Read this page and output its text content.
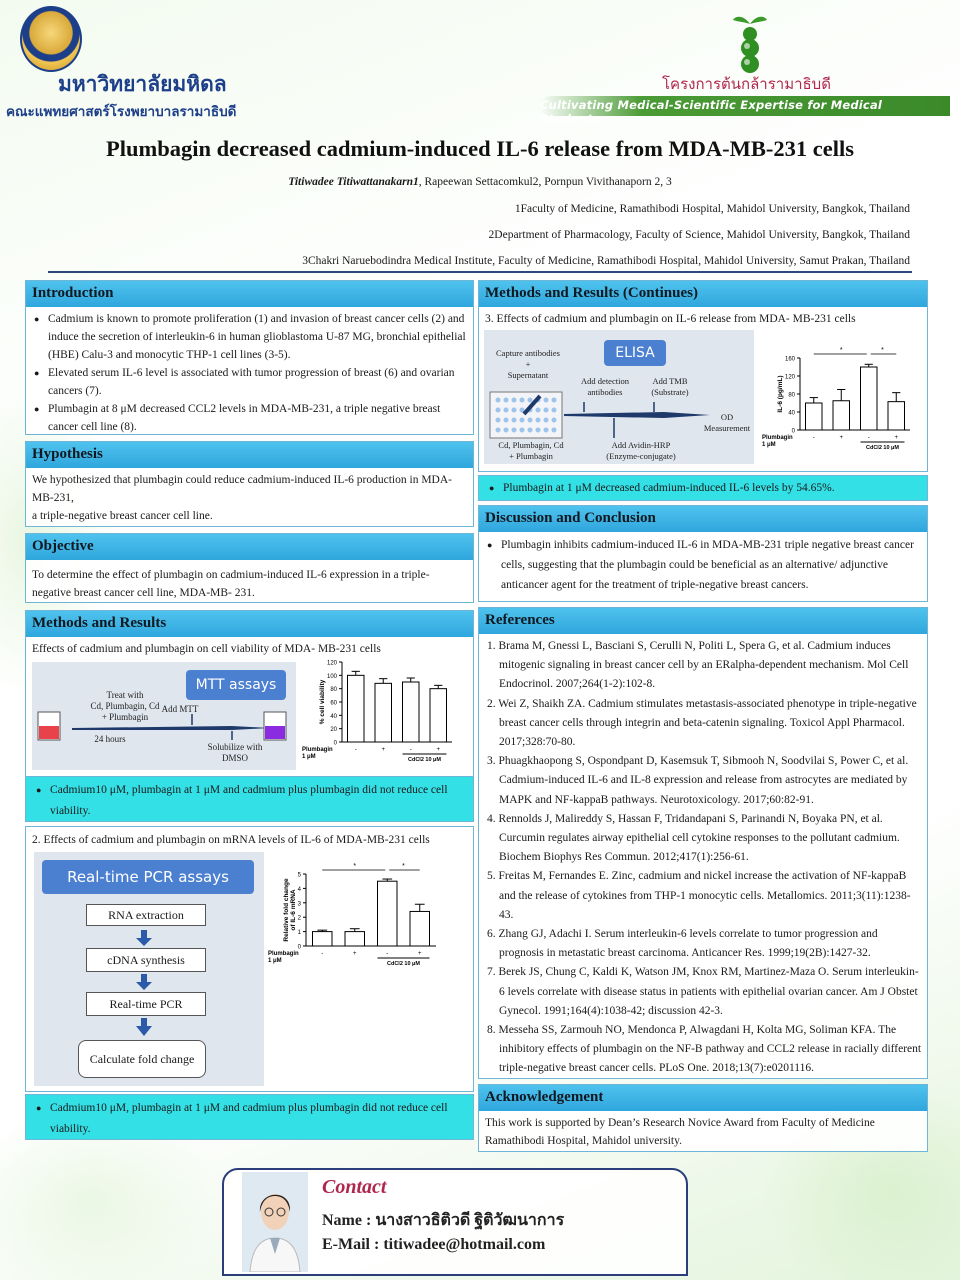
มหาวิทยาลัยมหิดล
คณะแพทยศาสตร์โรงพยาบาลรามาธิบดี
โครงการต้นกล้ารามาธิบดี
Cultivating Medical-Scientific Expertise for Medical Students
Plumbagin decreased cadmium-induced IL-6 release from MDA-MB-231 cells
Titiwadee Titiwattanakarn1, Rapeewan Settacomkul2, Pornpun Vivithanaporn 2, 3
1Faculty of Medicine, Ramathibodi Hospital, Mahidol University, Bangkok, Thailand
2Department of Pharmacology, Faculty of Science, Mahidol University, Bangkok, Thailand
3Chakri Naruebodindra Medical Institute, Faculty of Medicine, Ramathibodi Hospital, Mahidol University, Samut Prakan, Thailand
Introduction
● Cadmium is known to promote proliferation (1) and invasion of breast cancer cells (2) and induce the secretion of interleukin-6 in human glioblastoma U-87 MG, bronchial epithelial (HBE) Calu-3 and monocytic THP-1 cell lines (3-5).
● Elevated serum IL-6 level is associated with tumor progression of breast (6) and ovarian cancers (7).
● Plumbagin at 8 μM decreased CCL2 levels in MDA-MB-231, a triple negative breast cancer cell line (8).
Hypothesis
We hypothesized that plumbagin could reduce cadmium-induced IL-6 production in MDA-MB-231,
a triple-negative breast cancer cell line.
Objective
To determine the effect of plumbagin on cadmium-induced IL-6 expression in a triple-negative breast cancer cell line, MDA-MB- 231.
Methods and Results
Effects of cadmium and plumbagin on cell viability of MDA- MB-231 cells
MTT assays
Treat with
Cd, Plumbagin, Cd
+ Plumbagin
24 hours
Add MTT
Solubilize with
DMSO
0
20
40
60
80
100
120
% cell viability
-	+	-	+
Plumbagin 1 μM	CdCl2 10 μM
● Cadmium10 μM, plumbagin at 1 μM and cadmium plus plumbagin did not reduce cell viability.
2. Effects of cadmium and plumbagin on mRNA levels of IL-6 of MDA-MB-231 cells
Real-time PCR assays
RNA extraction
cDNA synthesis
Real-time PCR
Calculate fold change
0
1
2
3
4
5
Relative fold changeof IL-6 mRNA
-	+	-	+
Plumbagin 1 μM	CdCl2 10 μM
*	*
● Cadmium10 μM, plumbagin at 1 μM and cadmium plus plumbagin did not reduce cell viability.
Methods and Results (Continues)
3. Effects of cadmium and plumbagin on IL-6 release from MDA- MB-231 cells
ELISA
Capture antibodies
+
Supernatant
Add detection
antibodies
Add TMB
(Substrate)
OD
Measurement
Cd, Plumbagin, Cd
+ Plumbagin
Add Avidin-HRP
(Enzyme-conjugate)
0
40
80
120
160
IL-6 (pg/mL)
-	+	-	+
Plumbagin 1 μM	CdCl2 10 μM
*	*
● Plumbagin at 1 μM decreased cadmium-induced IL-6 levels by 54.65%.
Discussion and Conclusion
● Plumbagin inhibits cadmium-induced IL-6 in MDA-MB-231 triple negative breast cancer cells, suggesting that the plumbagin could be beneficial as an alternative/ adjunctive anticancer agent for the treatment of triple-negative breast cancers.
References
1. Brama M, Gnessi L, Basciani S, Cerulli N, Politi L, Spera G, et al. Cadmium induces mitogenic signaling in breast cancer cell by an ERalpha-dependent mechanism. Mol Cell Endocrinol. 2007;264(1-2):102-8.
2. Wei Z, Shaikh ZA. Cadmium stimulates metastasis-associated phenotype in triple-negative breast cancer cells through integrin and beta-catenin signaling. Toxicol Appl Pharmacol. 2017;328:70-80.
3. Phuagkhaopong S, Ospondpant D, Kasemsuk T, Sibmooh N, Soodvilai S, Power C, et al. Cadmium-induced IL-6 and IL-8 expression and release from astrocytes are mediated by MAPK and NF-kappaB pathways. Neurotoxicology. 2017;60:82-91.
4. Rennolds J, Malireddy S, Hassan F, Tridandapani S, Parinandi N, Boyaka PN, et al. Curcumin regulates airway epithelial cell cytokine responses to the pollutant cadmium. Biochem Biophys Res Commun. 2012;417(1):256-61.
5. Freitas M, Fernandes E. Zinc, cadmium and nickel increase the activation of NF-kappaB and the release of cytokines from THP-1 monocytic cells. Metallomics. 2011;3(11):1238-43.
6. Zhang GJ, Adachi I. Serum interleukin-6 levels correlate to tumor progression and prognosis in metastatic breast carcinoma. Anticancer Res. 1999;19(2B):1427-32.
7. Berek JS, Chung C, Kaldi K, Watson JM, Knox RM, Martinez-Maza O. Serum interleukin-6 levels correlate with disease status in patients with epithelial ovarian cancer. Am J Obstet Gynecol. 1991;164(4):1038-42; discussion 42-3.
8. Messeha SS, Zarmouh NO, Mendonca P, Alwagdani H, Kolta MG, Soliman KFA. The inhibitory effects of plumbagin on the NF-B pathway and CCL2 release in racially different triple-negative breast cancer cells. PLoS One. 2018;13(7):e0201116.
Acknowledgement
This work is supported by Dean’s Research Novice Award from Faculty of Medicine Ramathibodi Hospital, Mahidol university.
Contact
Name : นางสาวธิติวดี ฐิติวัฒนาการ
E-Mail : titiwadee@hotmail.com
